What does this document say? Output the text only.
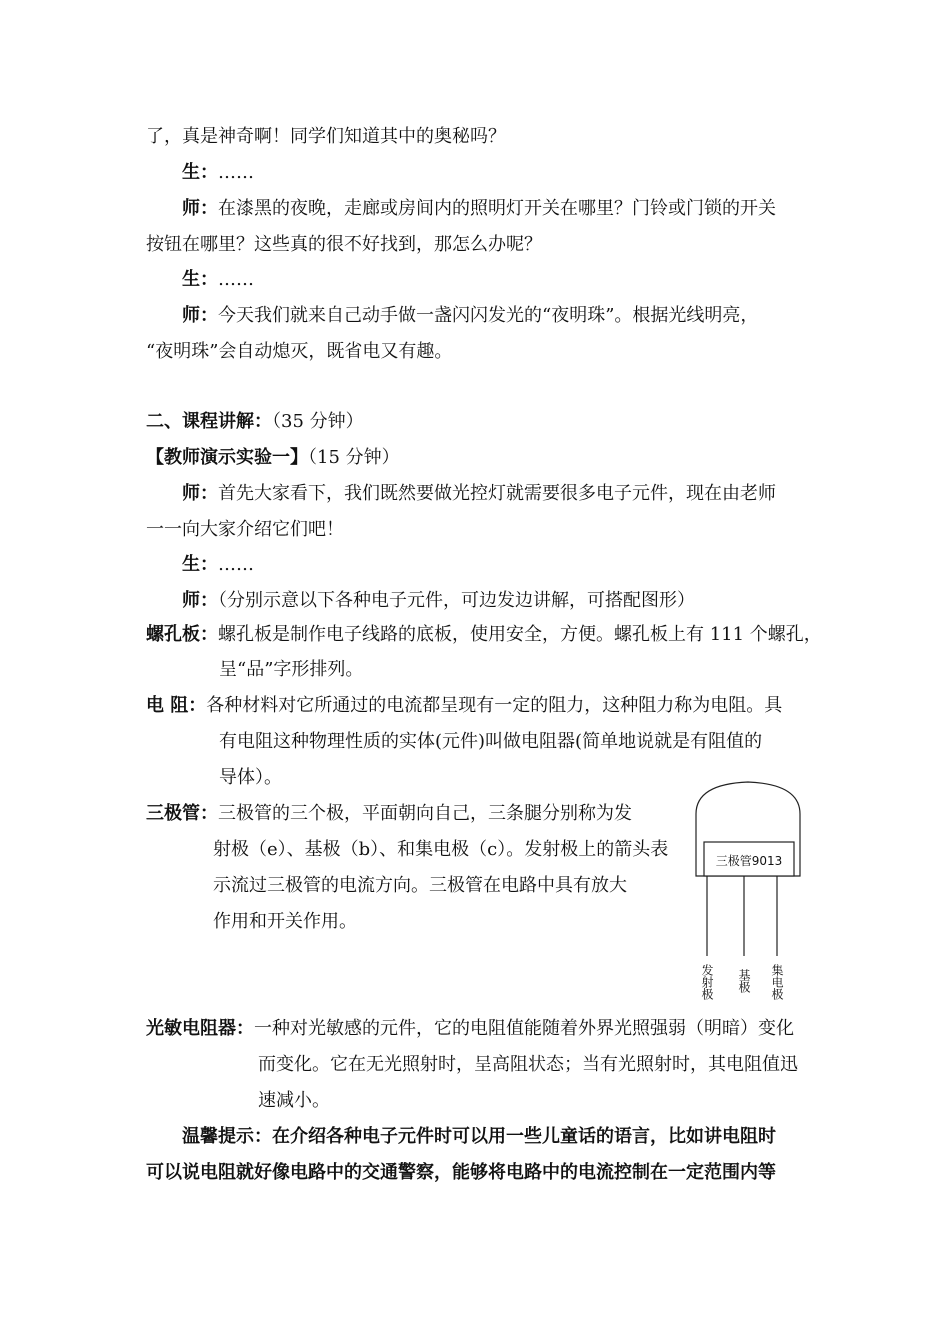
了，真是神奇啊！同学们知道其中的奥秘吗？
生：……
师：在漆黑的夜晚，走廊或房间内的照明灯开关在哪里？门铃或门锁的开关
按钮在哪里？这些真的很不好找到，那怎么办呢？
生：……
师：今天我们就来自己动手做一盏闪闪发光的“夜明珠”。根据光线明亮，
“夜明珠”会自动熄灭，既省电又有趣。
二、课程讲解：（35 分钟）
【教师演示实验一】（15 分钟）
师：首先大家看下，我们既然要做光控灯就需要很多电子元件，现在由老师
一一向大家介绍它们吧！
生：……
师：（分别示意以下各种电子元件，可边发边讲解，可搭配图形）
螺孔板：螺孔板是制作电子线路的底板，使用安全，方便。螺孔板上有 111 个螺孔，
呈“品”字形排列。
电 阻：各种材料对它所通过的电流都呈现有一定的阻力，这种阻力称为电阻。具
有电阻这种物理性质的实体(元件)叫做电阻器(简单地说就是有阻值的
导体）。
三极管：三极管的三个极，平面朝向自己，三条腿分别称为发
射极（e）、基极（b）、和集电极（c）。发射极上的箭头表
示流过三极管的电流方向。三极管在电路中具有放大
作用和开关作用。
三极管9013
发射极 基极 集电极
光敏电阻器：一种对光敏感的元件，它的电阻值能随着外界光照强弱（明暗）变化
而变化。它在无光照射时，呈高阻状态；当有光照射时，其电阻值迅
速减小。
温馨提示：在介绍各种电子元件时可以用一些儿童话的语言，比如讲电阻时
可以说电阻就好像电路中的交通警察，能够将电路中的电流控制在一定范围内等
